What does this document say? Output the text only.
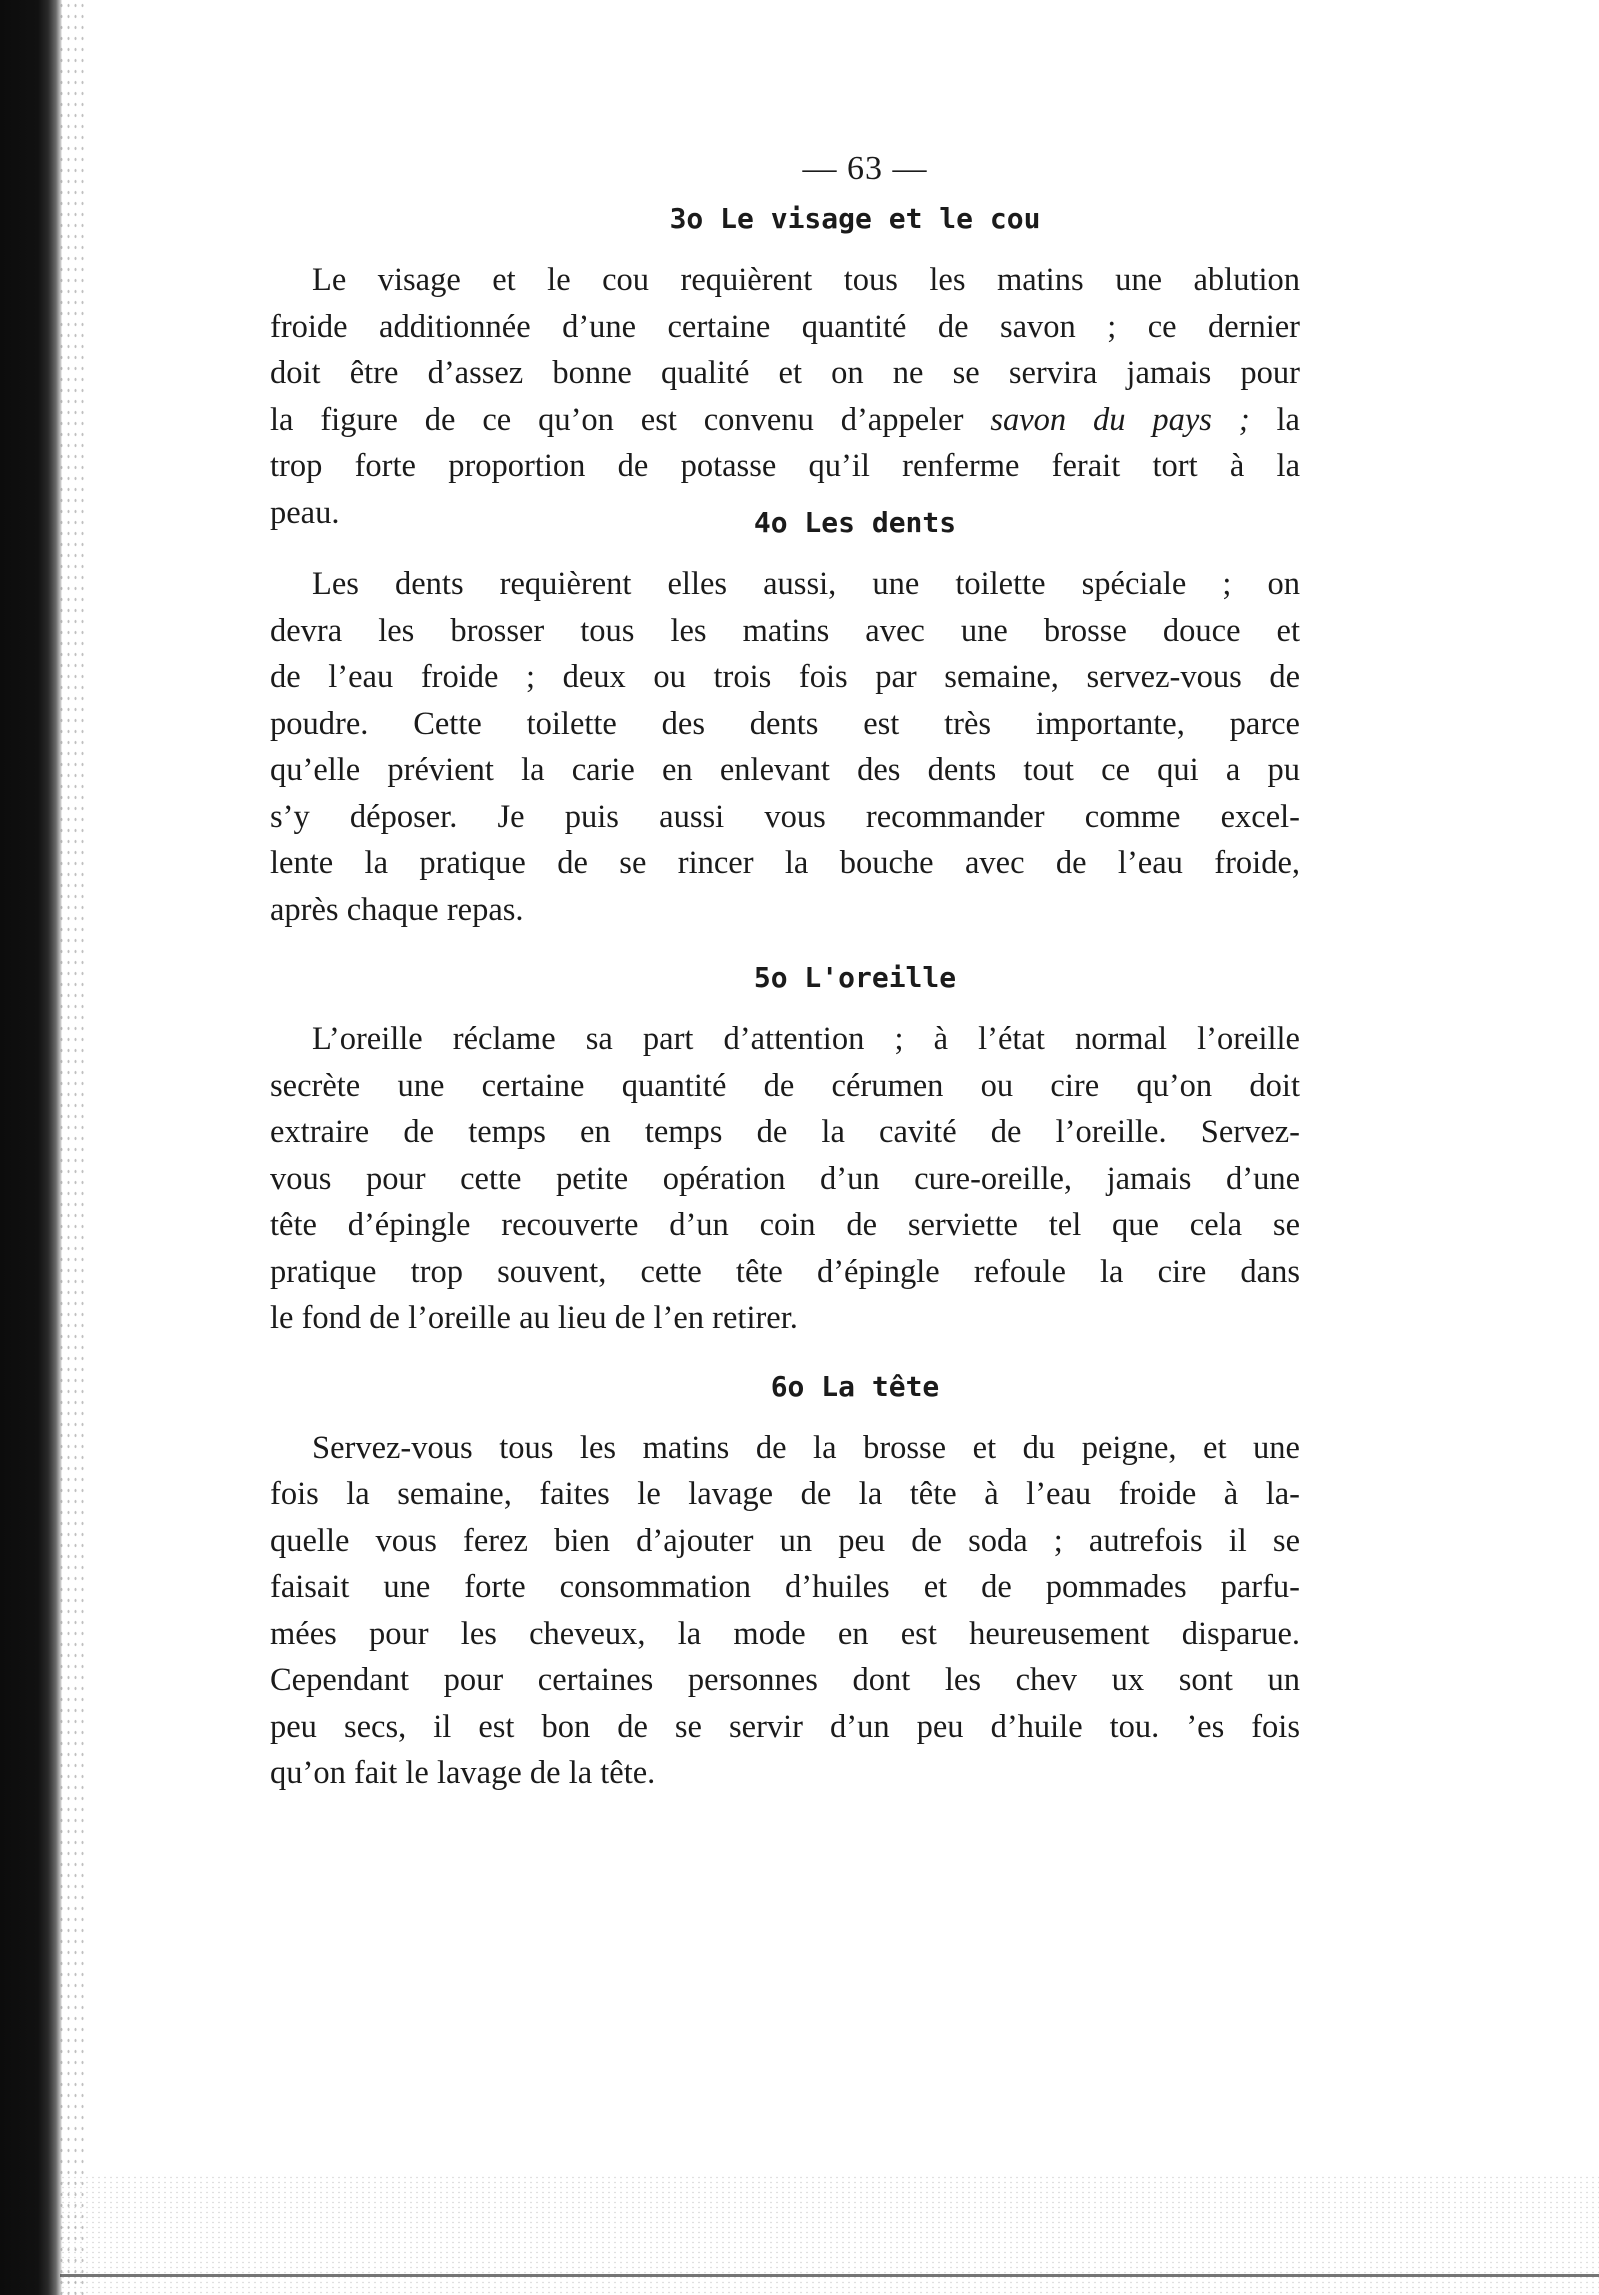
— 63 —
3o Le visage et le cou
Le visage et le cou requièrent tous les matins une ablution
froide additionnée d’une certaine quantité de savon ; ce dernier
doit être d’assez bonne qualité et on ne se servira jamais pour
la figure de ce qu’on est convenu d’appeler savon du pays ; la
trop forte proportion de potasse qu’il renferme ferait tort à la
peau.	4o Les dents
Les dents requièrent elles aussi, une toilette spéciale ; on
devra les brosser tous les matins avec une brosse douce et
de l’eau froide ; deux ou trois fois par semaine, servez-vous de
poudre. Cette toilette des dents est très importante, parce
qu’elle prévient la carie en enlevant des dents tout ce qui a pu
s’y déposer. Je puis aussi vous recommander comme excel-
lente la pratique de se rincer la bouche avec de l’eau froide,
après chaque repas.
5o L'oreille
L’oreille réclame sa part d’attention ; à l’état normal l’oreille
secrète une certaine quantité de cérumen ou cire qu’on doit
extraire de temps en temps de la cavité de l’oreille. Servez-
vous pour cette petite opération d’un cure-oreille, jamais d’une
tête d’épingle recouverte d’un coin de serviette tel que cela se
pratique trop souvent, cette tête d’épingle refoule la cire dans
le fond de l’oreille au lieu de l’en retirer.
6o La tête
Servez-vous tous les matins de la brosse et du peigne, et une
fois la semaine, faites le lavage de la tête à l’eau froide à la-
quelle vous ferez bien d’ajouter un peu de soda ; autrefois il se
faisait une forte consommation d’huiles et de pommades parfu-
mées pour les cheveux, la mode en est heureusement disparue.
Cependant pour certaines personnes dont les chev ux sont un
peu secs, il est bon de se servir d’un peu d’huile tou. ’es fois
qu’on fait le lavage de la tête.
